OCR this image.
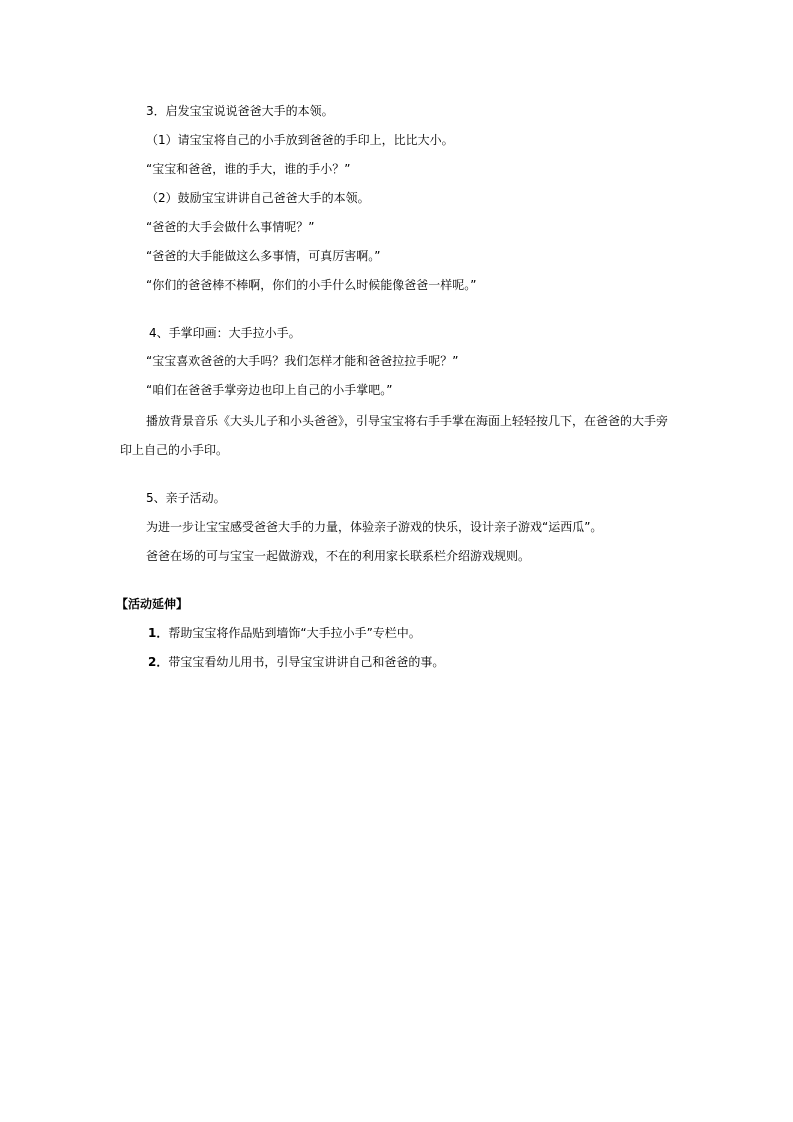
3．启发宝宝说说爸爸大手的本领。
（1）请宝宝将自己的小手放到爸爸的手印上，比比大小。
“宝宝和爸爸，谁的手大，谁的手小？”
（2）鼓励宝宝讲讲自己爸爸大手的本领。
“爸爸的大手会做什么事情呢？”
“爸爸的大手能做这么多事情，可真厉害啊。”
“你们的爸爸棒不棒啊，你们的小手什么时候能像爸爸一样呢。”
4、手掌印画：大手拉小手。
“宝宝喜欢爸爸的大手吗？我们怎样才能和爸爸拉拉手呢？”
“咱们在爸爸手掌旁边也印上自己的小手掌吧。”
播放背景音乐《大头儿子和小头爸爸》，引导宝宝将右手手掌在海面上轻轻按几下，在爸爸的大手旁
印上自己的小手印。
5、亲子活动。
为进一步让宝宝感受爸爸大手的力量，体验亲子游戏的快乐，设计亲子游戏“运西瓜”。
爸爸在场的可与宝宝一起做游戏，不在的利用家长联系栏介绍游戏规则。
【活动延伸】
1．帮助宝宝将作品贴到墙饰“大手拉小手”专栏中。
2．带宝宝看幼儿用书，引导宝宝讲讲自己和爸爸的事。
